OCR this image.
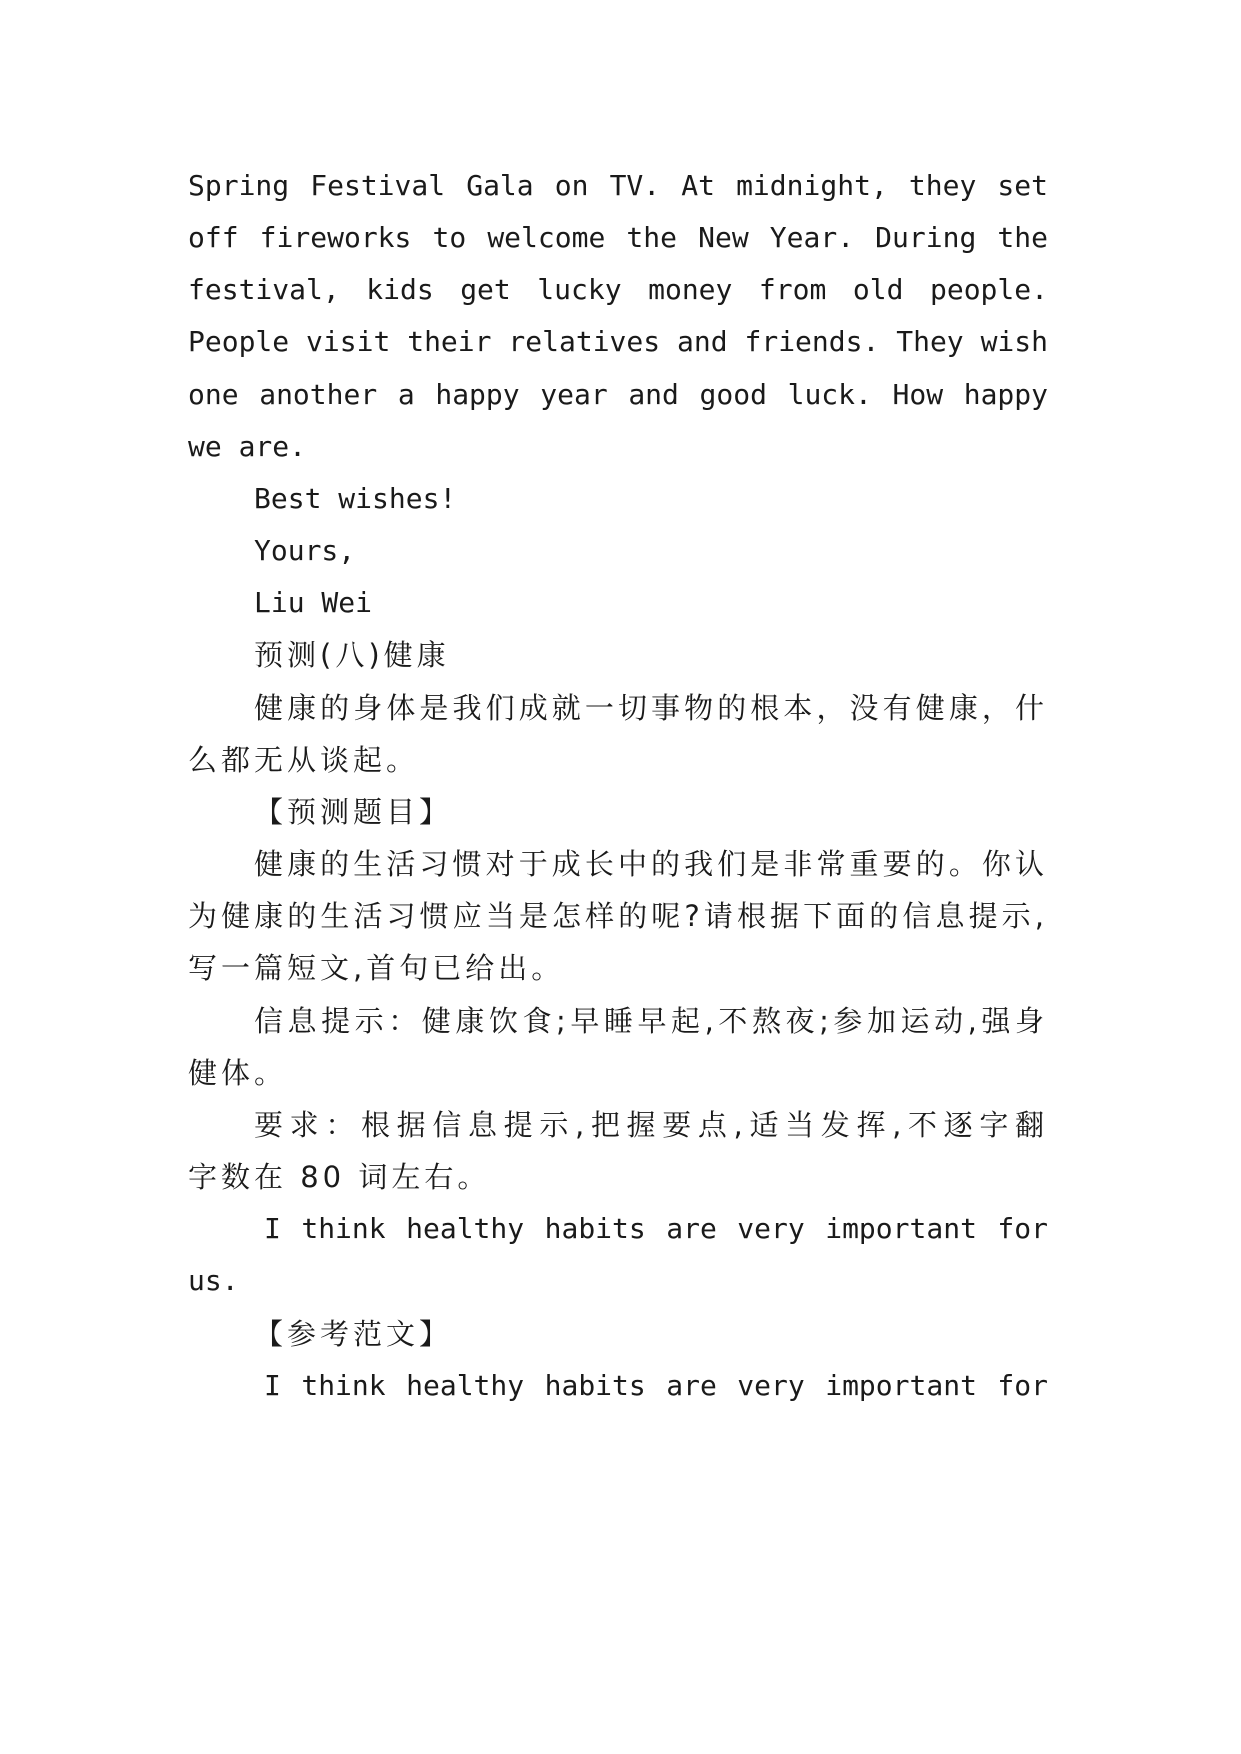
Spring Festival Gala on TV. At midnight, they set
off fireworks to welcome the New Year. During the
festival, kids get lucky money from old people.
People visit their relatives and friends. They wish
one another a happy year and good luck. How happy
we are.
Best wishes!
Yours,
Liu Wei
预测(八)健康
健康的身体是我们成就一切事物的根本，没有健康，什
么都无从谈起。
【预测题目】
健康的生活习惯对于成长中的我们是非常重要的。你认
为健康的生活习惯应当是怎样的呢?请根据下面的信息提示,
写一篇短文,首句已给出。
信息提示：健康饮食;早睡早起,不熬夜;参加运动,强身
健体。
要求：根据信息提示,把握要点,适当发挥,不逐字翻
字数在 80 词左右。
I think healthy habits are very important for
us.
【参考范文】
I think healthy habits are very important for
